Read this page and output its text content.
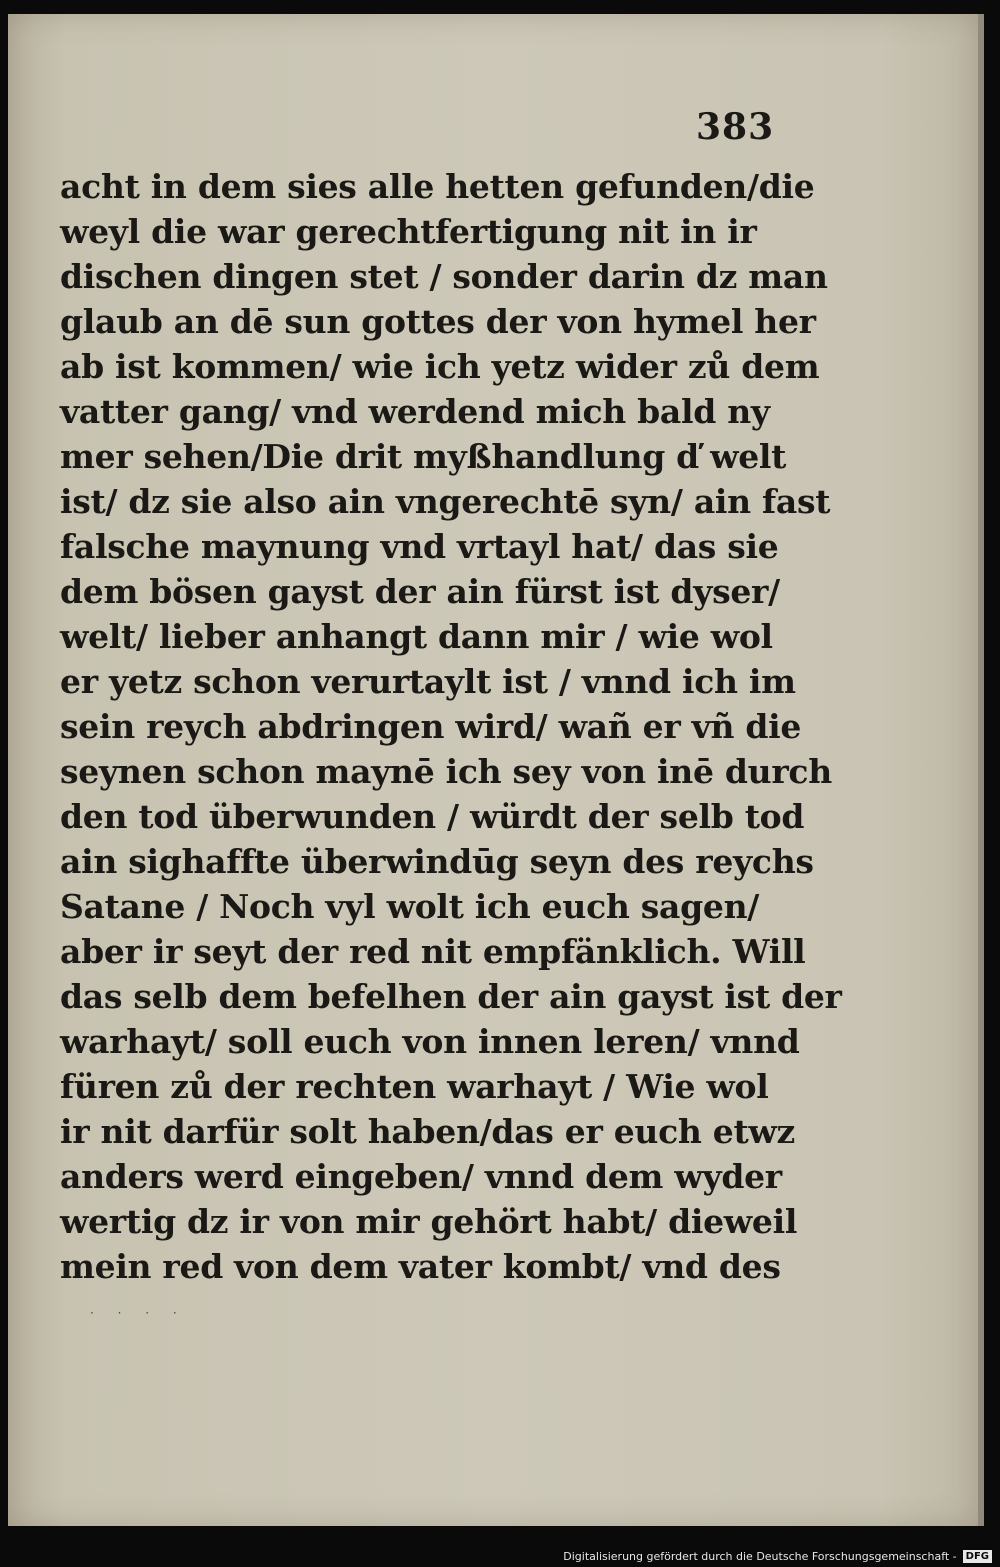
383
acht in dem sies alle hetten gefunden/die
weyl die war gerechtfertigung nit in ir
dischen dingen stet / sonder darin dz man
glaub an dē sun gottes der von hymel her
ab ist kommen/ wie ich yetz wider zů dem
vatter gang/ vnd werdend mich bald ny
mer sehen/Die drit myßhandlung ď welt
ist/ dz sie also ain vngerechtē syn/ ain fast
falsche maynung vnd vrtayl hat/ das sie
dem bösen gayst der ain fürst ist dyser/
welt/ lieber anhangt dann mir / wie wol
er yetz schon verurtaylt ist / vnnd ich im
sein reych abdringen wird/ wañ er vñ die
seynen schon maynē ich sey von inē durch
den tod überwunden / würdt der selb tod
ain sighaffte überwindūg seyn des reychs
Satane / Noch vyl wolt ich euch sagen/
aber ir seyt der red nit empfänklich. Will
das selb dem befelhen der ain gayst ist der
warhayt/ soll euch von innen leren/ vnnd
füren zů der rechten warhayt / Wie wol
ir nit darfür solt haben/das er euch etwz
anders werd eingeben/ vnnd dem wyder
wertig dz ir von mir gehört habt/ dieweil
mein red von dem vater kombt/ vnd des
· · · ·
Digitalisierung gefördert durch die Deutsche Forschungsgemeinschaft - DFG
